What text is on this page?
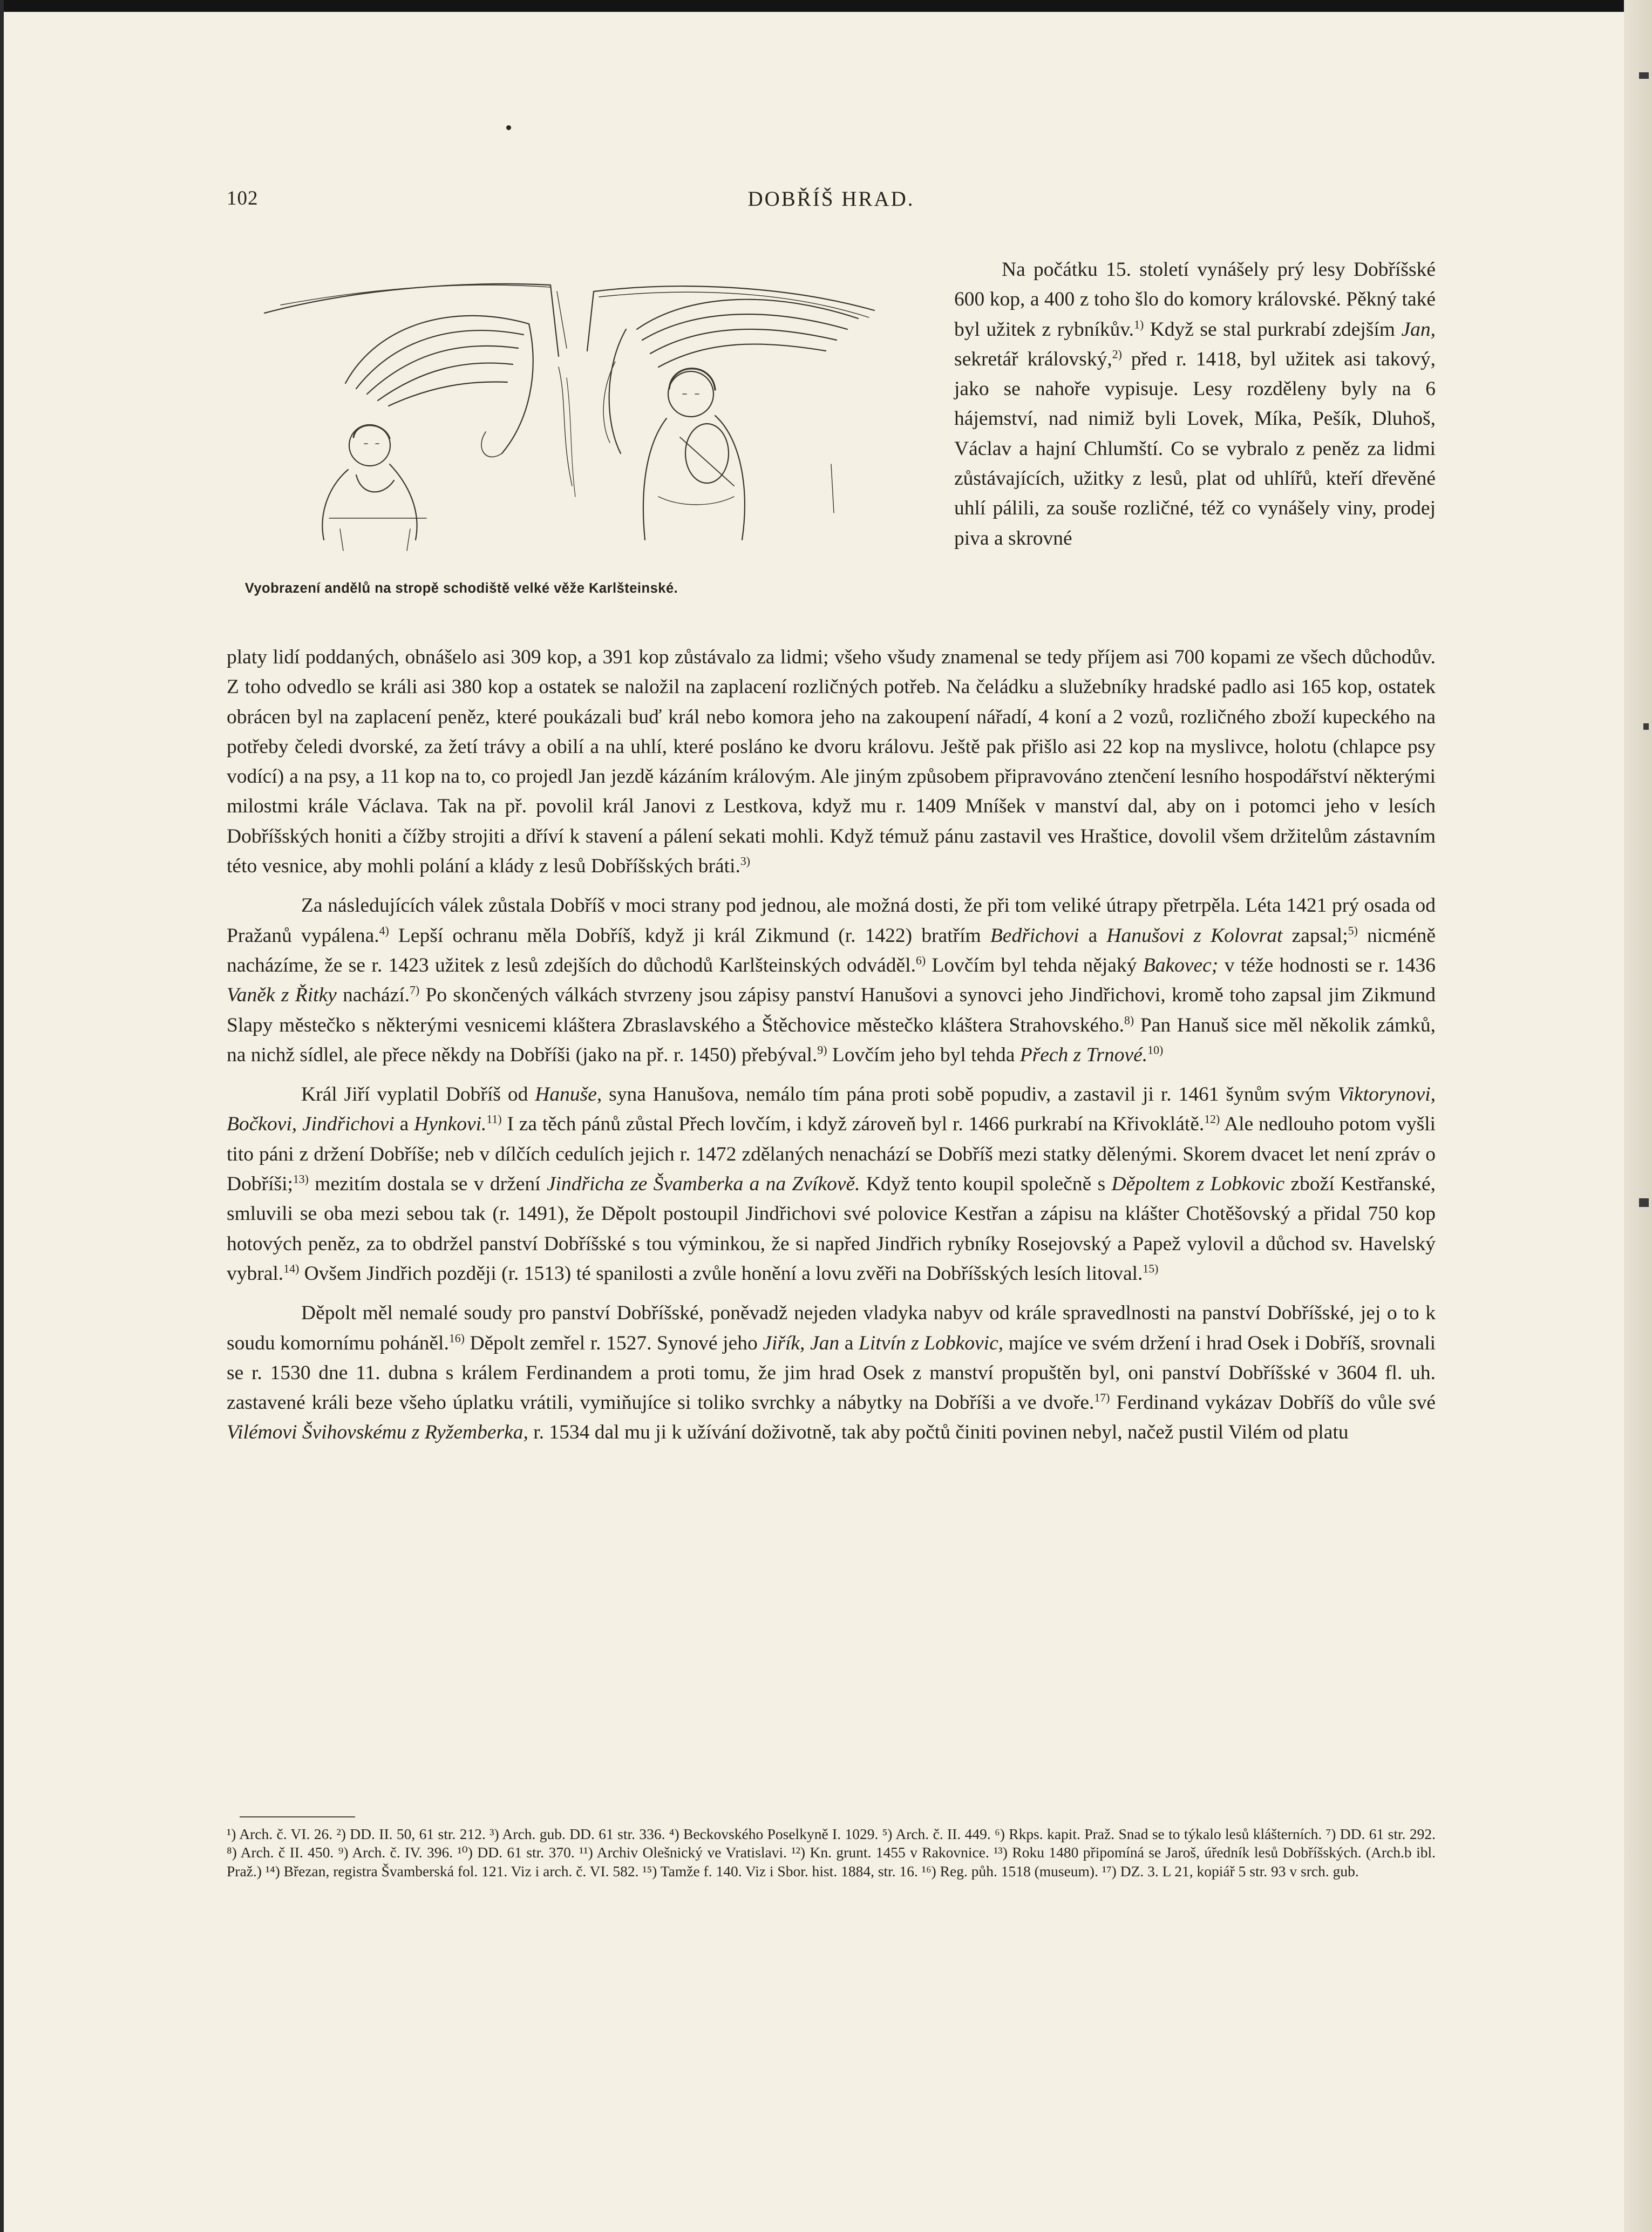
102	DOBŘÍŠ HRAD.
Vyobrazení andělů na stropě schodiště velké věže Karlšteinské.

Na počátku 15. století vynášely prý lesy Dobříšské 600 kop, a 400 z toho šlo do komory královské. Pěkný také byl užitek z rybníkův.$^{1)}$ Když se stal purkrabí zdejším Jan, sekretář královský,$^{2)}$ před r. 1418, byl užitek asi takový, jako se nahoře vypisuje. Lesy rozděleny byly na 6 hájemství, nad nimiž byli Lovek, Míka, Pešík, Dluhoš, Václav a hajní Chlumští. Co se vybralo z peněz za lidmi zůstávajících, užitky z lesů, plat od uhlířů, kteří dřevěné uhlí pálili, za souše rozličné, též co vynášely viny, prodej piva a skrovné

platy lidí poddaných, obnášelo asi 309 kop, a 391 kop zůstávalo za lidmi; všeho všudy znamenal se tedy příjem asi 700 kopami ze všech důchodův. Z toho odvedlo se králi asi 380 kop a ostatek se naložil na zaplacení rozličných potřeb. Na čeládku a služebníky hradské padlo asi 165 kop, ostatek obrácen byl na zaplacení peněz, které poukázali buď král nebo komora jeho na zakoupení nářadí, 4 koní a 2 vozů, rozličného zboží kupeckého na potřeby čeledi dvorské, za žetí trávy a obilí a na uhlí, které posláno ke dvoru královu. Ještě pak přišlo asi 22 kop na myslivce, holotu (chlapce psy vodící) a na psy, a 11 kop na to, co projedl Jan jezdě kázáním královým. Ale jiným způsobem připravováno ztenčení lesního hospodářství některými milostmi krále Václava. Tak na př. povolil král Janovi z Lestkova, když mu r. 1409 Mníšek v manství dal, aby on i potomci jeho v lesích Dobříšských honiti a čížby strojiti a dříví k stavení a pálení sekati mohli. Když témuž pánu zastavil ves Hraštice, dovolil všem držitelům zástavním této vesnice, aby mohli polání a klády z lesů Dobříšských bráti.$^{3)}$

Za následujících válek zůstala Dobříš v moci strany pod jednou, ale možná dosti, že při tom veliké útrapy přetrpěla. Léta 1421 prý osada od Pražanů vypálena.$^{4)}$ Lepší ochranu měla Dobříš, když ji král Zikmund (r. 1422) bratřím Bedřichovi a Hanušovi z Kolovrat zapsal;$^{5)}$ nicméně nacházíme, že se r. 1423 užitek z lesů zdejších do důchodů Karlšteinských odváděl.$^{6)}$ Lovčím byl tehda nějaký Bakovec; v téže hodnosti se r. 1436 Vaněk z Řitky nachází.$^{7)}$ Po skončených válkách stvrzeny jsou zápisy panství Hanušovi a synovci jeho Jindřichovi, kromě toho zapsal jim Zikmund Slapy městečko s některými vesnicemi kláštera Zbraslavského a Štěchovice městečko kláštera Strahovského.$^{8)}$ Pan Hanuš sice měl několik zámků, na nichž sídlel, ale přece někdy na Dobříši (jako na př. r. 1450) přebýval.$^{9)}$ Lovčím jeho byl tehda Přech z Trnové.$^{10)}$

Král Jiří vyplatil Dobříš od Hanuše, syna Hanušova, nemálo tím pána proti sobě popudiv, a zastavil ji r. 1461 šynům svým Viktorynovi, Bočkovi, Jindřichovi a Hynkovi.$^{11)}$ I za těch pánů zůstal Přech lovčím, i když zároveň byl r. 1466 purkrabí na Křivoklátě.$^{12)}$ Ale nedlouho potom vyšli tito páni z držení Dobříše; neb v dílčích cedulích jejich r. 1472 zdělaných nenachází se Dobříš mezi statky dělenými. Skorem dvacet let není zpráv o Dobříši;$^{13)}$ mezitím dostala se v držení Jindřicha ze Švamberka a na Zvíkově. Když tento koupil společně s Děpoltem z Lobkovic zboží Kestřanské, smluvili se oba mezi sebou tak (r. 1491), že Děpolt postoupil Jindřichovi své polovice Kestřan a zápisu na klášter Chotěšovský a přidal 750 kop hotových peněz, za to obdržel panství Dobříšské s tou výminkou, že si napřed Jindřich rybníky Rosejovský a Papež vylovil a důchod sv. Havelský vybral.$^{14)}$ Ovšem Jindřich později (r. 1513) té spanilosti a zvůle honění a lovu zvěři na Dobříšských lesích litoval.$^{15)}$

Děpolt měl nemalé soudy pro panství Dobříšské, poněvadž nejeden vladyka nabyv od krále spravedlnosti na panství Dobříšské, jej o to k soudu komornímu poháněl.$^{16)}$ Děpolt zemřel r. 1527. Synové jeho Jiřík, Jan a Litvín z Lobkovic, majíce ve svém držení i hrad Osek i Dobříš, srovnali se r. 1530 dne 11. dubna s králem Ferdinandem a proti tomu, že jim hrad Osek z manství propuštěn byl, oni panství Dobříšské v 3604 fl. uh. zastavené králi beze všeho úplatku vrátili, vymiňujíce si toliko svrchky a nábytky na Dobříši a ve dvoře.$^{17)}$ Ferdinand vykázav Dobříš do vůle své Vilémovi Švihovskému z Ryžemberka, r. 1534 dal mu ji k užívání doživotně, tak aby počtů činiti povinen nebyl, načež pustil Vilém od platu

¹) Arch. č. VI. 26. ²) DD. II. 50, 61 str. 212. ³) Arch. gub. DD. 61 str. 336. ⁴) Beckovského Poselkyně I. 1029. ⁵) Arch. č. II. 449. ⁶) Rkps. kapit. Praž. Snad se to týkalo lesů klášterních. ⁷) DD. 61 str. 292. ⁸) Arch. č II. 450. ⁹) Arch. č. IV. 396. ¹⁰) DD. 61 str. 370. ¹¹) Archiv Olešnický ve Vratislavi. ¹²) Kn. grunt. 1455 v Rakovnice. ¹³) Roku 1480 připomíná se Jaroš, úředník lesů Dobříšských. (Arch.b ibl. Praž.) ¹⁴) Březan, registra Švamberská fol. 121. Viz i arch. č. VI. 582. ¹⁵) Tamže f. 140. Viz i Sbor. hist. 1884, str. 16. ¹⁶) Reg. půh. 1518 (museum). ¹⁷) DZ. 3. L 21, kopiář 5 str. 93 v srch. gub.
